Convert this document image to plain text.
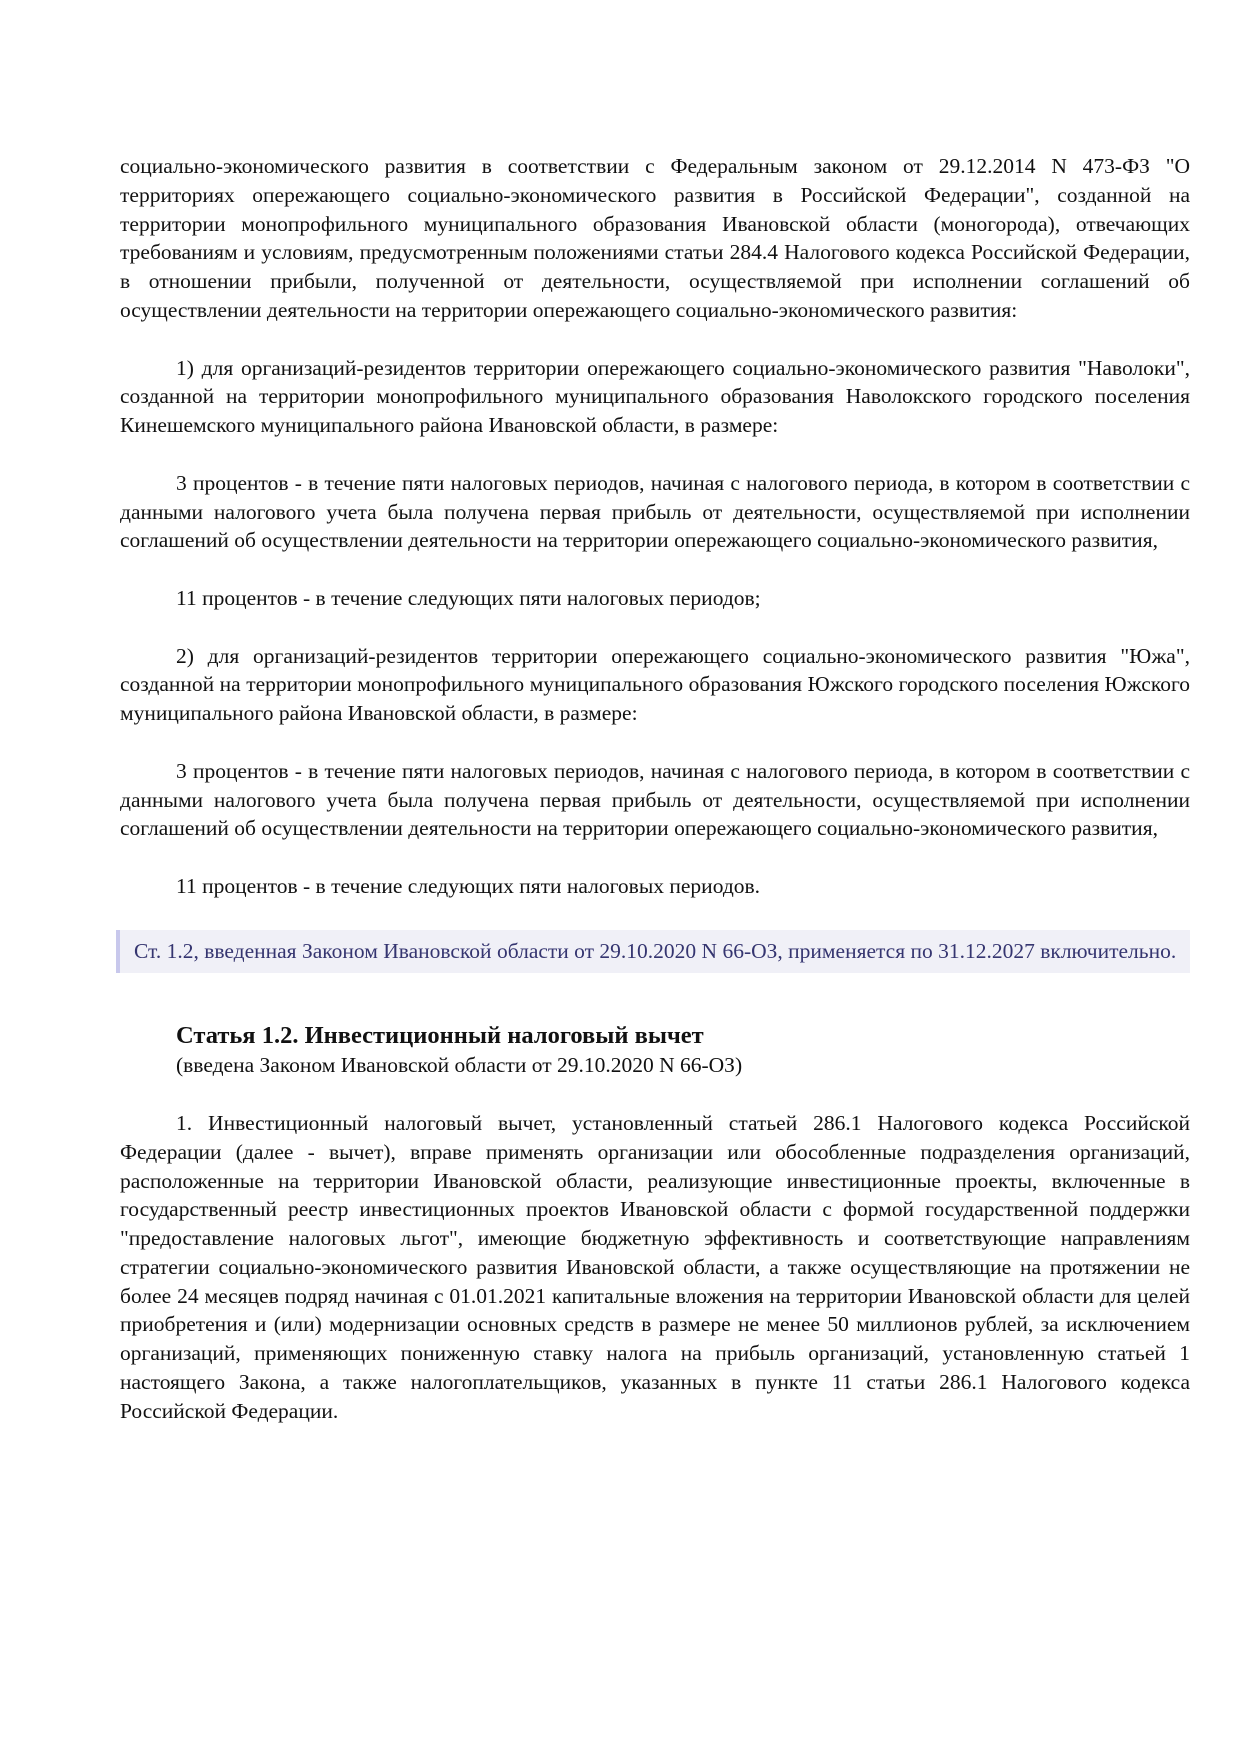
социально-экономического развития в соответствии с Федеральным законом от 29.12.2014 N 473-ФЗ "О территориях опережающего социально-экономического развития в Российской Федерации", созданной на территории монопрофильного муниципального образования Ивановской области (моногорода), отвечающих требованиям и условиям, предусмотренным положениями статьи 284.4 Налогового кодекса Российской Федерации, в отношении прибыли, полученной от деятельности, осуществляемой при исполнении соглашений об осуществлении деятельности на территории опережающего социально-экономического развития:

1) для организаций-резидентов территории опережающего социально-экономического развития "Наволоки", созданной на территории монопрофильного муниципального образования Наволокского городского поселения Кинешемского муниципального района Ивановской области, в размере:

3 процентов - в течение пяти налоговых периодов, начиная с налогового периода, в котором в соответствии с данными налогового учета была получена первая прибыль от деятельности, осуществляемой при исполнении соглашений об осуществлении деятельности на территории опережающего социально-экономического развития,

11 процентов - в течение следующих пяти налоговых периодов;

2) для организаций-резидентов территории опережающего социально-экономического развития "Южа", созданной на территории монопрофильного муниципального образования Южского городского поселения Южского муниципального района Ивановской области, в размере:

3 процентов - в течение пяти налоговых периодов, начиная с налогового периода, в котором в соответствии с данными налогового учета была получена первая прибыль от деятельности, осуществляемой при исполнении соглашений об осуществлении деятельности на территории опережающего социально-экономического развития,

11 процентов - в течение следующих пяти налоговых периодов.

Ст. 1.2, введенная Законом Ивановской области от 29.10.2020 N 66-ОЗ, применяется по 31.12.2027 включительно.
Статья 1.2. Инвестиционный налоговый вычет
(введена Законом Ивановской области от 29.10.2020 N 66-ОЗ)

1. Инвестиционный налоговый вычет, установленный статьей 286.1 Налогового кодекса Российской Федерации (далее - вычет), вправе применять организации или обособленные подразделения организаций, расположенные на территории Ивановской области, реализующие инвестиционные проекты, включенные в государственный реестр инвестиционных проектов Ивановской области с формой государственной поддержки "предоставление налоговых льгот", имеющие бюджетную эффективность и соответствующие направлениям стратегии социально-экономического развития Ивановской области, а также осуществляющие на протяжении не более 24 месяцев подряд начиная с 01.01.2021 капитальные вложения на территории Ивановской области для целей приобретения и (или) модернизации основных средств в размере не менее 50 миллионов рублей, за исключением организаций, применяющих пониженную ставку налога на прибыль организаций, установленную статьей 1 настоящего Закона, а также налогоплательщиков, указанных в пункте 11 статьи 286.1 Налогового кодекса Российской Федерации.
